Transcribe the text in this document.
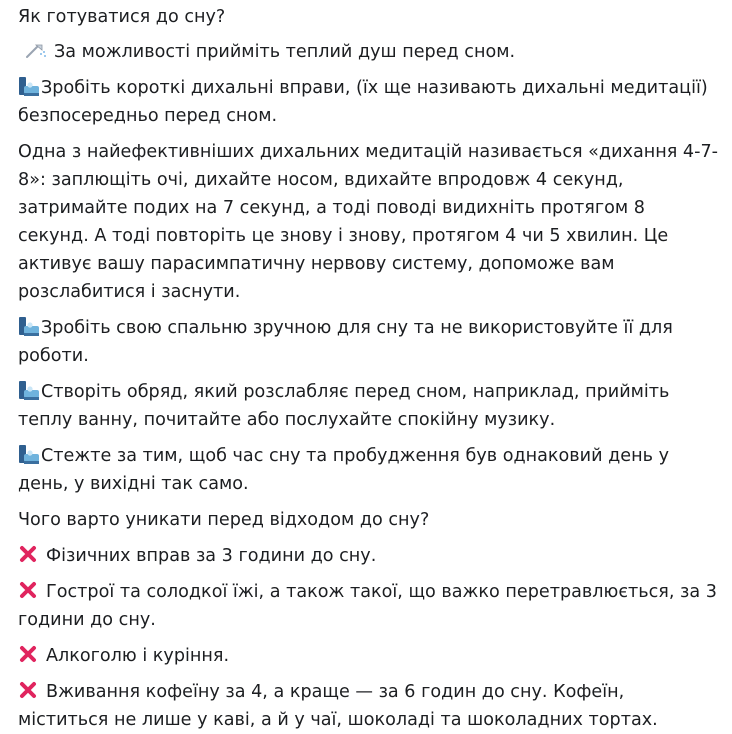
Як готуватися до сну?

За можливості прийміть теплий душ перед сном.

Зробіть короткі дихальні вправи, (їх ще називають дихальні медитації) безпосередньо перед сном.

Одна з найефективніших дихальних медитацій називається «дихання 4-7-8»: заплющіть очі, дихайте носом, вдихайте впродовж 4 секунд, затримайте подих на 7 секунд, а тоді поводі видихніть протягом 8 секунд. А тоді повторіть це знову і знову, протягом 4 чи 5 хвилин. Це активує вашу парасимпатичну нервову систему, допоможе вам розслабитися і заснути.

Зробіть свою спальню зручною для сну та не використовуйте її для роботи.

Створіть обряд, який розслабляє перед сном, наприклад, прийміть теплу ванну, почитайте або послухайте спокійну музику.

Стежте за тим, щоб час сну та пробудження був однаковий день у день, у вихідні так само.

Чого варто уникати перед відходом до сну?

Фізичних вправ за 3 години до сну.

Гострої та солодкої їжі, а також такої, що важко перетравлюється, за 3 години до сну.

Алкоголю і куріння.

Вживання кофеїну за 4, а краще — за 6 годин до сну. Кофеїн, міститься не лише у каві, а й у чаї, шоколаді та шоколадних тортах.
